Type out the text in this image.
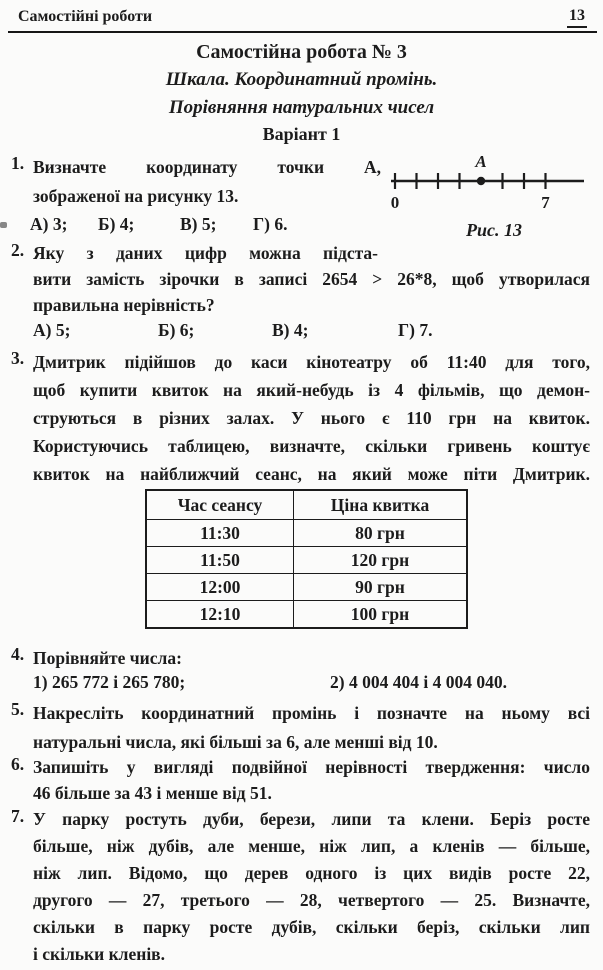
Самостійні роботи	13
Самостійна робота № 3
Шкала. Координатний промінь.
Порівняння натуральних чисел
Варіант 1
1. Визначте координату точки А,
зображеної на рисунку 13.
А) 3; Б) 4;	В) 5; Г) 6.
A
0	7
Рис. 13
2. Яку з даних цифр можна підста-
вити замість зірочки в записі 2654 > 26*8, щоб утворилася
правильна нерівність?
А) 5;	Б) 6;	В) 4;	Г) 7.
3. Дмитрик підійшов до каси кінотеатру об 11:40 для того,
щоб купити квиток на який-небудь із 4 фільмів, що демон-
струються в різних залах. У нього є 110 грн на квиток.
Користуючись таблицею, визначте, скільки гривень коштує
квиток на найближчий сеанс, на який може піти Дмитрик.
Час сеансу	Ціна квитка
11:30	80 грн
11:50	120 грн
12:00	90 грн
12:10	100 грн
4. Порівняйте числа:
1) 265 772 і 265 780;	2) 4 004 404 і 4 004 040.
5. Накресліть координатний промінь і позначте на ньому всі
натуральні числа, які більші за 6, але менші від 10.
6. Запишіть у вигляді подвійної нерівності твердження: число
46 більше за 43 і менше від 51.
7. У парку ростуть дуби, берези, липи та клени. Беріз росте
більше, ніж дубів, але менше, ніж лип, а кленів — більше,
ніж лип. Відомо, що дерев одного із цих видів росте 22,
другого — 27, третього — 28, четвертого — 25. Визначте,
скільки в парку росте дубів, скільки беріз, скільки лип
і скільки кленів.
